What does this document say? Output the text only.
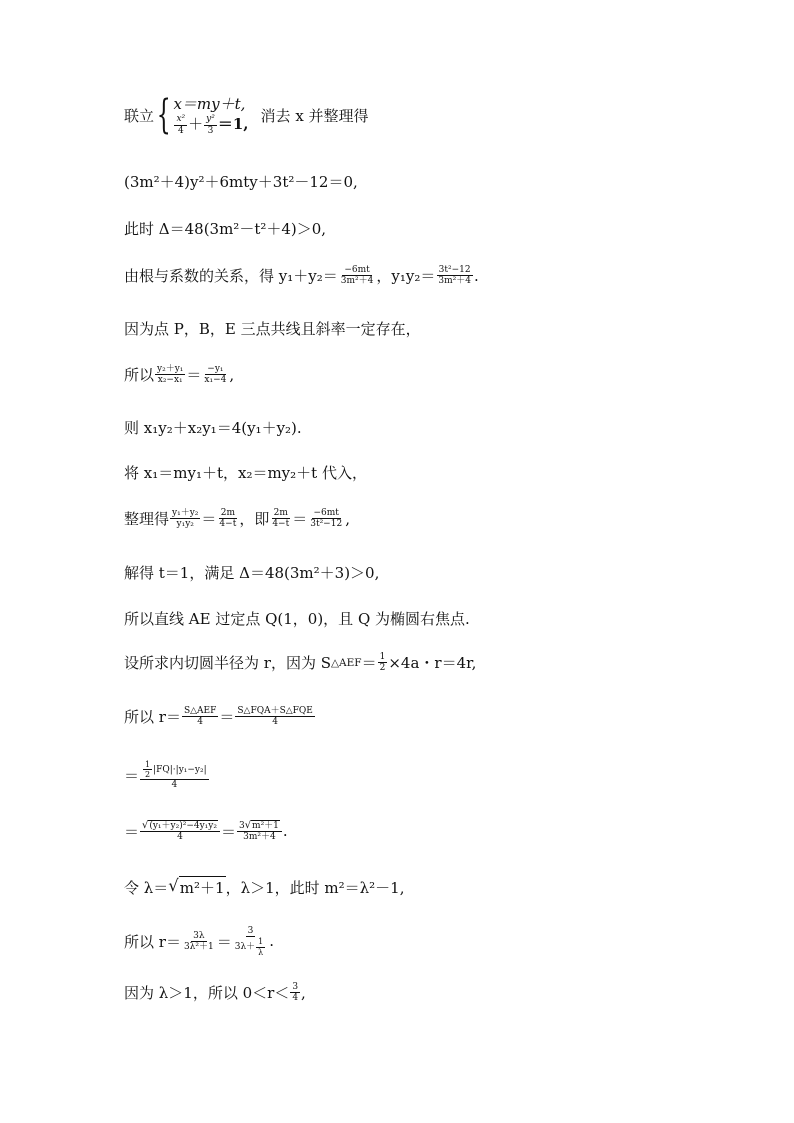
联立 { x＝my＋t,
$\frac{\text{x²}}{4} + \frac{\text{y²}}{3} =1$, 消去 x 并整理得
(3m²＋4)y²＋6mty＋3t²－12＝0,
此时 Δ＝48(3m²－t²＋4)＞0,
由根与系数的关系，得 $y_1+y_2= \frac{-6mt}{\text{3m²＋4}}$ ，$y_1y_2= \frac{\text{3t²−12}}{\text{3m²＋4}}$ .
因为点 P，B，E 三点共线且斜率一定存在，
所以 $\frac{\text{y₂＋y₁}}{\text{x₂−x₁}} = \frac{\text{−y₁}}{\text{x₁−4}}$ ,
则 x₁y₂＋x₂y₁＝4(y₁＋y₂).
将 x₁＝my₁＋t，x₂＝my₂＋t 代入，
整理得 $\frac{\text{y₁＋y₂}}{\text{y₁y₂}} = \frac{2m}{4-t}$ ，即 $\frac{2m}{4-t} = \frac{-6mt}{\text{3t²−12}}$ ,
解得 t＝1，满足 Δ＝48(3m²＋3)＞0,
所以直线 AE 过定点 Q(1，0)，且 Q 为椭圆右焦点.
设所求内切圆半径为 r，因为 S △AEF ＝ $\frac{1}{2} \times 4a$・r＝4r,
所以 $r= \frac{\text{S△AEF}}{4} = \frac{\text{S△FQA＋S△FQE}}{4}$
＝ $\frac{\frac{1}{2} |FQ|\cdot|y_1-y_2|}{4}$
＝ $\frac{\text{√ (y₁＋y₂)²−4y₁y₂}}{4} = \frac{\text{3 √ m²＋1}}{\text{3m²＋4}}$ .
令 λ＝ √ m²＋1 ，λ＞1，此时 m²＝λ²－1,
所以 $r= \frac{3\lambda}{\text{3λ²＋1}} = \frac{3}{3\lambda+ \frac{1}{\lambda}}$ .
因为 λ＞1，所以 $0<r< \frac{3}{4}$ ,
